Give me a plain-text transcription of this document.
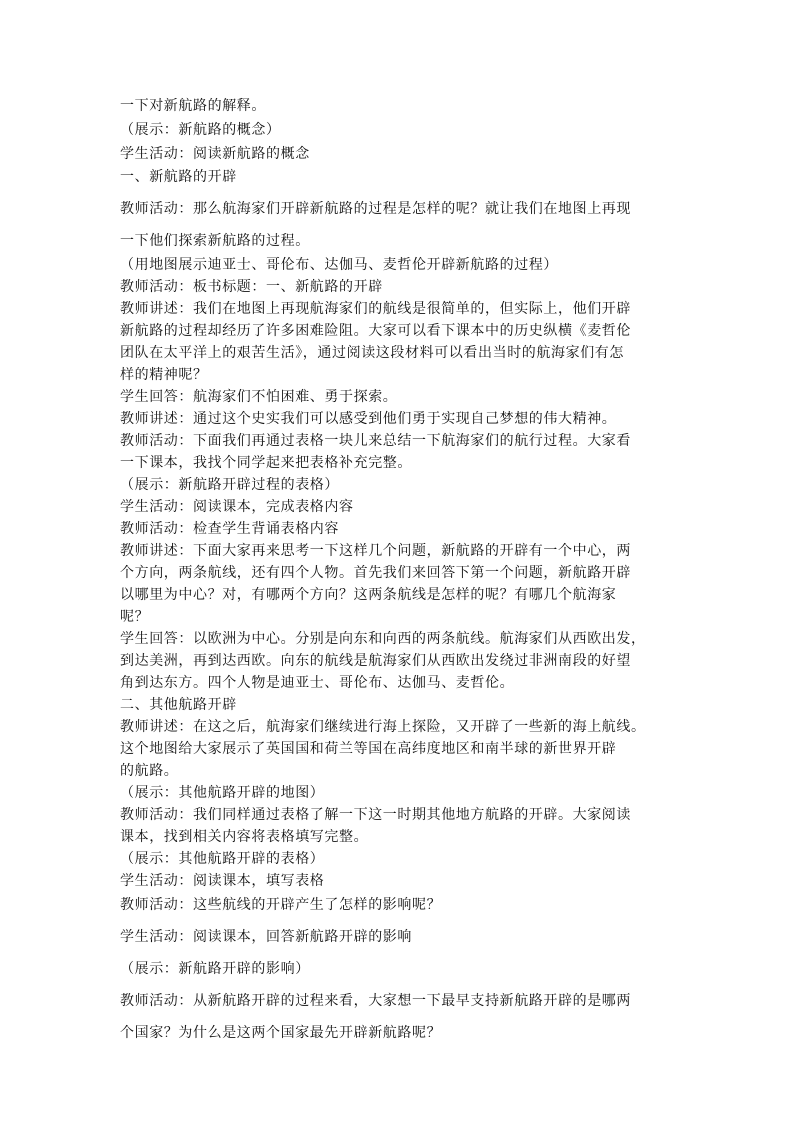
一下对新航路的解释。
（展示：新航路的概念）
学生活动：阅读新航路的概念
一、新航路的开辟
教师活动：那么航海家们开辟新航路的过程是怎样的呢？就让我们在地图上再现
一下他们探索新航路的过程。
（用地图展示迪亚士、哥伦布、达伽马、麦哲伦开辟新航路的过程）
教师活动：板书标题：一、新航路的开辟
教师讲述：我们在地图上再现航海家们的航线是很简单的，但实际上，他们开辟
新航路的过程却经历了许多困难险阻。大家可以看下课本中的历史纵横《麦哲伦
团队在太平洋上的艰苦生活》，通过阅读这段材料可以看出当时的航海家们有怎
样的精神呢？
学生回答：航海家们不怕困难、勇于探索。
教师讲述：通过这个史实我们可以感受到他们勇于实现自己梦想的伟大精神。
教师活动：下面我们再通过表格一块儿来总结一下航海家们的航行过程。大家看
一下课本，我找个同学起来把表格补充完整。
（展示：新航路开辟过程的表格）
学生活动：阅读课本，完成表格内容
教师活动：检查学生背诵表格内容
教师讲述：下面大家再来思考一下这样几个问题，新航路的开辟有一个中心，两
个方向，两条航线，还有四个人物。首先我们来回答下第一个问题，新航路开辟
以哪里为中心？对，有哪两个方向？这两条航线是怎样的呢？有哪几个航海家
呢？
学生回答：以欧洲为中心。分别是向东和向西的两条航线。航海家们从西欧出发，
到达美洲，再到达西欧。向东的航线是航海家们从西欧出发绕过非洲南段的好望
角到达东方。四个人物是迪亚士、哥伦布、达伽马、麦哲伦。
二、其他航路开辟
教师讲述：在这之后，航海家们继续进行海上探险，又开辟了一些新的海上航线。
这个地图给大家展示了英国国和荷兰等国在高纬度地区和南半球的新世界开辟
的航路。
（展示：其他航路开辟的地图）
教师活动：我们同样通过表格了解一下这一时期其他地方航路的开辟。大家阅读
课本，找到相关内容将表格填写完整。
（展示：其他航路开辟的表格）
学生活动：阅读课本，填写表格
教师活动：这些航线的开辟产生了怎样的影响呢？
学生活动：阅读课本，回答新航路开辟的影响
（展示：新航路开辟的影响）
教师活动：从新航路开辟的过程来看，大家想一下最早支持新航路开辟的是哪两
个国家？为什么是这两个国家最先开辟新航路呢？
